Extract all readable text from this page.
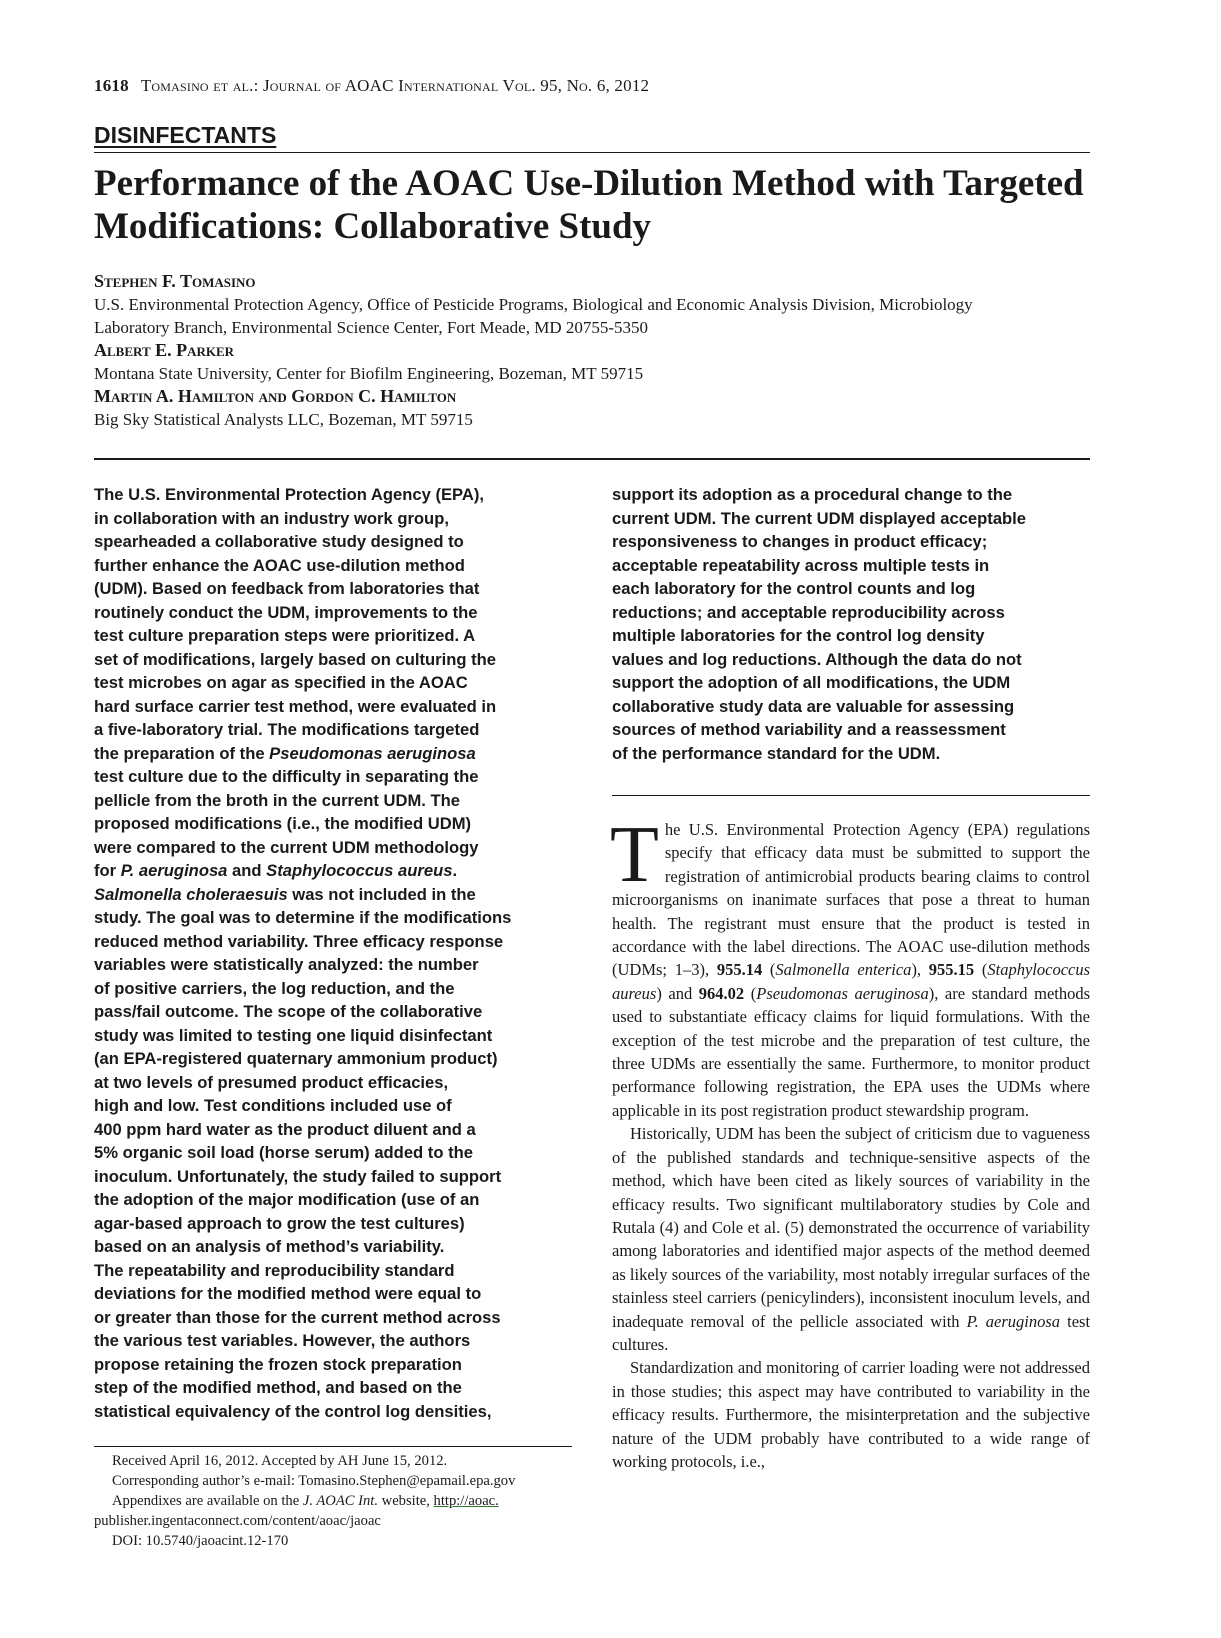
1618 Tomasino et al.: Journal of AOAC International Vol. 95, No. 6, 2012
DISINFECTANTS
Performance of the AOAC Use-Dilution Method with Targeted
Modifications: Collaborative Study
Stephen F. Tomasino
U.S. Environmental Protection Agency, Office of Pesticide Programs, Biological and Economic Analysis Division, Microbiology
Laboratory Branch, Environmental Science Center, Fort Meade, MD 20755-5350
Albert E. Parker
Montana State University, Center for Biofilm Engineering, Bozeman, MT 59715
Martin A. Hamilton and Gordon C. Hamilton
Big Sky Statistical Analysts LLC, Bozeman, MT 59715
The U.S. Environmental Protection Agency (EPA),
in collaboration with an industry work group,
spearheaded a collaborative study designed to
further enhance the AOAC use-dilution method
(UDM). Based on feedback from laboratories that
routinely conduct the UDM, improvements to the
test culture preparation steps were prioritized. A
set of modifications, largely based on culturing the
test microbes on agar as specified in the AOAC
hard surface carrier test method, were evaluated in
a five-laboratory trial. The modifications targeted
the preparation of the Pseudomonas aeruginosa
test culture due to the difficulty in separating the
pellicle from the broth in the current UDM. The
proposed modifications (i.e., the modified UDM)
were compared to the current UDM methodology
for P. aeruginosa and Staphylococcus aureus.
Salmonella choleraesuis was not included in the
study. The goal was to determine if the modifications
reduced method variability. Three efficacy response
variables were statistically analyzed: the number
of positive carriers, the log reduction, and the
pass/fail outcome. The scope of the collaborative
study was limited to testing one liquid disinfectant
(an EPA-registered quaternary ammonium product)
at two levels of presumed product efficacies,
high and low. Test conditions included use of
400 ppm hard water as the product diluent and a
5% organic soil load (horse serum) added to the
inoculum. Unfortunately, the study failed to support
the adoption of the major modification (use of an
agar-based approach to grow the test cultures)
based on an analysis of method’s variability.
The repeatability and reproducibility standard
deviations for the modified method were equal to
or greater than those for the current method across
the various test variables. However, the authors
propose retaining the frozen stock preparation
step of the modified method, and based on the
statistical equivalency of the control log densities,
support its adoption as a procedural change to the
current UDM. The current UDM displayed acceptable
responsiveness to changes in product efficacy;
acceptable repeatability across multiple tests in
each laboratory for the control counts and log
reductions; and acceptable reproducibility across
multiple laboratories for the control log density
values and log reductions. Although the data do not
support the adoption of all modifications, the UDM
collaborative study data are valuable for assessing
sources of method variability and a reassessment
of the performance standard for the UDM.

The U.S. Environmental Protection Agency (EPA) regulations specify that efficacy data must be submitted to support the registration of antimicrobial products bearing claims to control microorganisms on inanimate surfaces that pose a threat to human health. The registrant must ensure that the product is tested in accordance with the label directions. The AOAC use-dilution methods (UDMs; 1–3), 955.14 (Salmonella enterica), 955.15 (Staphylococcus aureus) and 964.02 (Pseudomonas aeruginosa), are standard methods used to substantiate efficacy claims for liquid formulations. With the exception of the test microbe and the preparation of test culture, the three UDMs are essentially the same. Furthermore, to monitor product performance following registration, the EPA uses the UDMs where applicable in its post registration product stewardship program.

Historically, UDM has been the subject of criticism due to vagueness of the published standards and technique-sensitive aspects of the method, which have been cited as likely sources of variability in the efficacy results. Two significant multilaboratory studies by Cole and Rutala (4) and Cole et al. (5) demonstrated the occurrence of variability among laboratories and identified major aspects of the method deemed as likely sources of the variability, most notably irregular surfaces of the stainless steel carriers (penicylinders), inconsistent inoculum levels, and inadequate removal of the pellicle associated with P. aeruginosa test cultures.

Standardization and monitoring of carrier loading were not addressed in those studies; this aspect may have contributed to variability in the efficacy results. Furthermore, the misinterpretation and the subjective nature of the UDM probably have contributed to a wide range of working protocols, i.e.,

Received April 16, 2012. Accepted by AH June 15, 2012.
Corresponding author’s e-mail: Tomasino.Stephen@epamail.epa.gov
Appendixes are available on the J. AOAC Int. website, http://aoac.
publisher.ingentaconnect.com/content/aoac/jaoac
DOI: 10.5740/jaoacint.12-170
